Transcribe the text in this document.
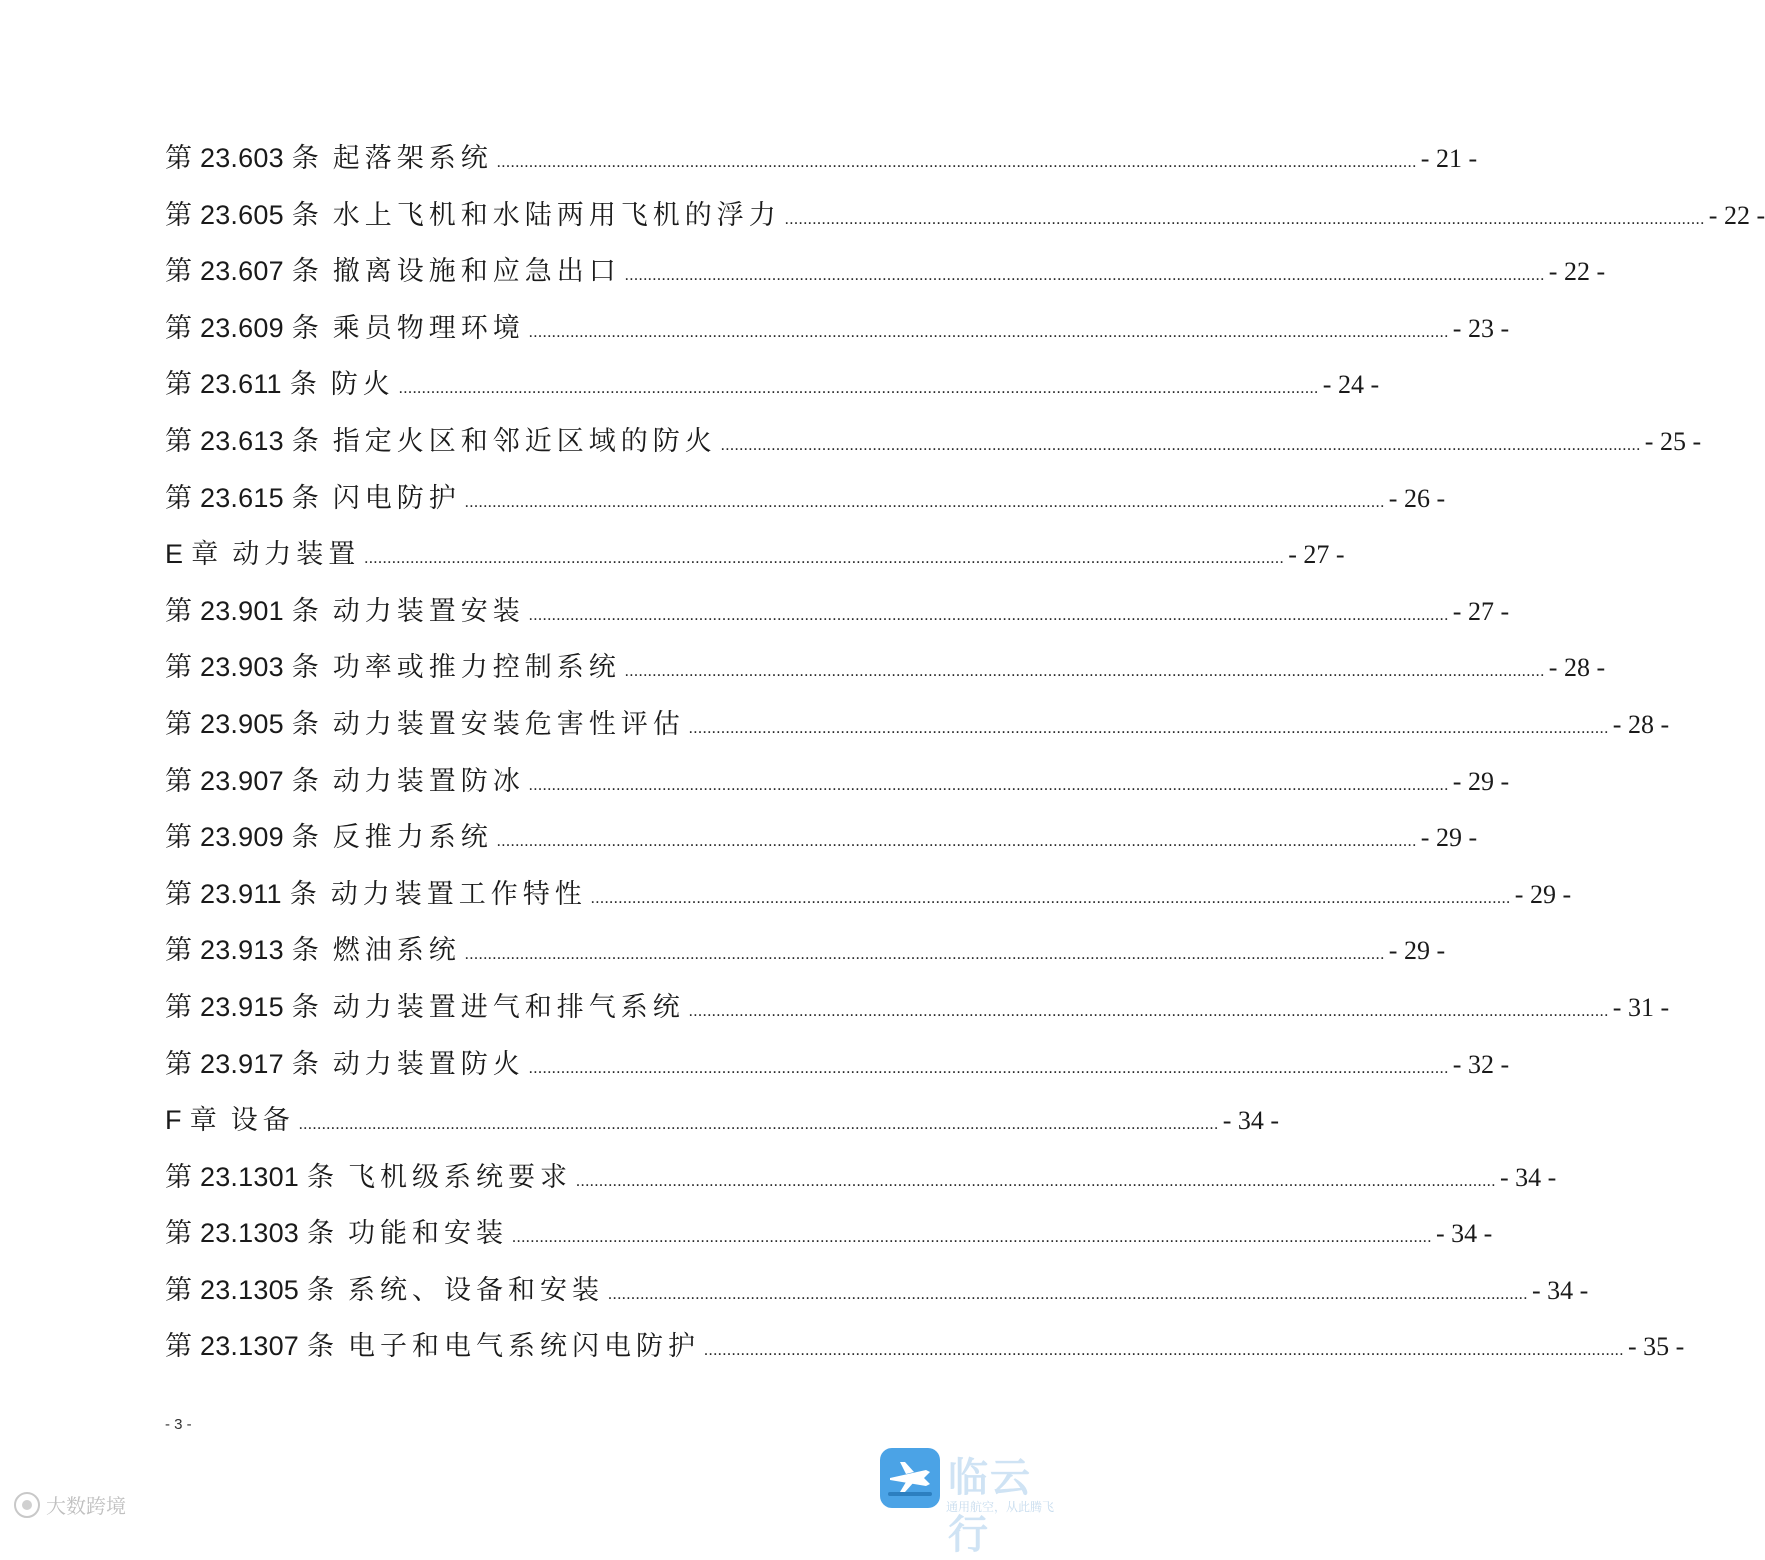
第 23.603 条 起落架系统 ........................................................................................................................................................................................................ - 21 -
第 23.605 条 水上飞机和水陆两用飞机的浮力 ........................................................................................................................................................................................................ - 22 -
第 23.607 条 撤离设施和应急出口 ........................................................................................................................................................................................................ - 22 -
第 23.609 条 乘员物理环境 ........................................................................................................................................................................................................ - 23 -
第 23.611 条 防火 ........................................................................................................................................................................................................ - 24 -
第 23.613 条 指定火区和邻近区域的防火 ........................................................................................................................................................................................................ - 25 -
第 23.615 条 闪电防护 ........................................................................................................................................................................................................ - 26 -
E 章 动力装置 ........................................................................................................................................................................................................ - 27 -
第 23.901 条 动力装置安装 ........................................................................................................................................................................................................ - 27 -
第 23.903 条 功率或推力控制系统 ........................................................................................................................................................................................................ - 28 -
第 23.905 条 动力装置安装危害性评估 ........................................................................................................................................................................................................ - 28 -
第 23.907 条 动力装置防冰 ........................................................................................................................................................................................................ - 29 -
第 23.909 条 反推力系统 ........................................................................................................................................................................................................ - 29 -
第 23.911 条 动力装置工作特性 ........................................................................................................................................................................................................ - 29 -
第 23.913 条 燃油系统 ........................................................................................................................................................................................................ - 29 -
第 23.915 条 动力装置进气和排气系统 ........................................................................................................................................................................................................ - 31 -
第 23.917 条 动力装置防火 ........................................................................................................................................................................................................ - 32 -
F 章 设备 ........................................................................................................................................................................................................ - 34 -
第 23.1301 条 飞机级系统要求 ........................................................................................................................................................................................................ - 34 -
第 23.1303 条 功能和安装 ........................................................................................................................................................................................................ - 34 -
第 23.1305 条 系统、设备和安装 ........................................................................................................................................................................................................ - 34 -
第 23.1307 条 电子和电气系统闪电防护 ........................................................................................................................................................................................................ - 35 -
- 3 -
大数跨境
临云行
通用航空，从此腾飞
